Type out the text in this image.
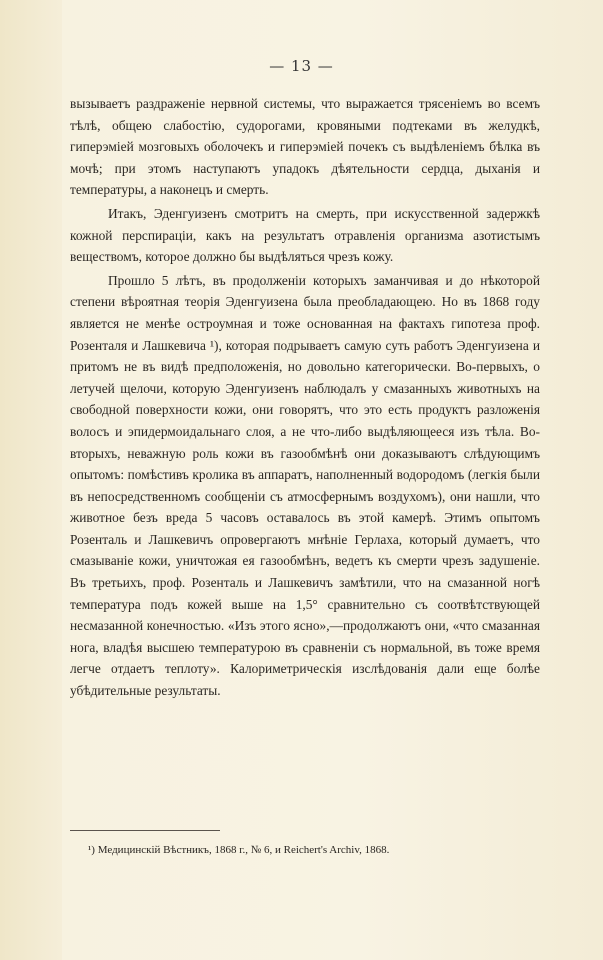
— 13 —

вызываетъ раздраженіе нервной системы, что выражается трясеніемъ во всемъ тѣлѣ, общею слабостію, судорогами, кровяными подтеками въ желудкѣ, гиперэміей мозговыхъ оболочекъ и гиперэміей почекъ съ выдѣленіемъ бѣлка въ мочѣ; при этомъ наступаютъ упадокъ дѣятельности сердца, дыханія и температуры, а наконецъ и смерть.

Итакъ, Эденгуизенъ смотритъ на смерть, при искусственной задержкѣ кожной перспираціи, какъ на результатъ отравленія организма азотистымъ веществомъ, которое должно бы выдѣляться чрезъ кожу.

Прошло 5 лѣтъ, въ продолженіи которыхъ заманчивая и до нѣкоторой степени вѣроятная теорія Эденгуизена была преобладающею. Но въ 1868 году является не менѣе остроумная и тоже основанная на фактахъ гипотеза проф. Розенталя и Лашкевича ¹), которая подрываетъ самую суть работъ Эденгуизена и притомъ не въ видѣ предположенія, но довольно категорически. Во-первыхъ, о летучей щелочи, которую Эденгуизенъ наблюдалъ у смазанныхъ животныхъ на свободной поверхности кожи, они говорятъ, что это есть продуктъ разложенія волосъ и эпидермоидальнаго слоя, а не что-либо выдѣляющееся изъ тѣла. Во-вторыхъ, неважную роль кожи въ газообмѣнѣ они доказываютъ слѣдующимъ опытомъ: помѣстивъ кролика въ аппаратъ, наполненный водородомъ (легкія были въ непосредственномъ сообщеніи съ атмосфернымъ воздухомъ), они нашли, что животное безъ вреда 5 часовъ оставалось въ этой камерѣ. Этимъ опытомъ Розенталь и Лашкевичъ опровергаютъ мнѣніе Герлаха, который думаетъ, что смазываніе кожи, уничтожая ея газообмѣнъ, ведетъ къ смерти чрезъ задушеніе. Въ третьихъ, проф. Розенталь и Лашкевичъ замѣтили, что на смазанной ногѣ температура подъ кожей выше на 1,5° сравнительно съ соотвѣтствующей несмазанной конечностью. «Изъ этого ясно»,—продолжаютъ они, «что смазанная нога, владѣя высшею температурою въ сравненіи съ нормальной, въ тоже время легче отдаетъ теплоту». Калориметрическія изслѣдованія дали еще болѣе убѣдительные результаты.

¹) Медицинскій Вѣстникъ, 1868 г., № 6, и Reichert's Archiv, 1868.
